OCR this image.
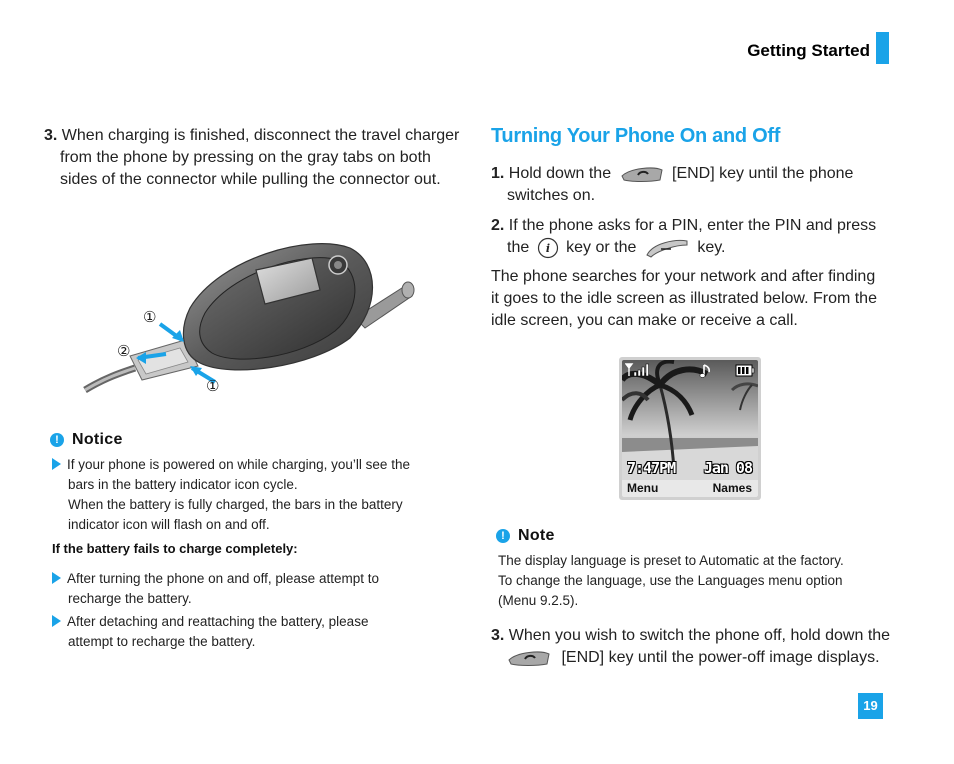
Getting Started
3. When charging is finished, disconnect the travel charger from the phone by pressing on the gray tabs on both sides of the connector while pulling the connector out.
①
②
①
! Notice
If your phone is powered on while charging, you’ll see the
bars in the battery indicator icon cycle.
When the battery is fully charged, the bars in the battery
indicator icon will flash on and off.
If the battery fails to charge completely:
After turning the phone on and off, please attempt to
recharge the battery.
After detaching and reattaching the battery, please
attempt to recharge the battery.
Turning Your Phone On and Off
1. Hold down the	[END] key until the phone
switches on.
2. If the phone asks for a PIN, enter the PIN and press
the i key or the	key.
The phone searches for your network and after finding
it goes to the idle screen as illustrated below. From the
idle screen, you can make or receive a call.
7:47PM Jan 08
Menu	Names
! Note
The display language is preset to Automatic at the factory.
To change the language, use the Languages menu option
(Menu 9.2.5).
3. When you wish to switch the phone off, hold down the
[END] key until the power-off image displays.
19
